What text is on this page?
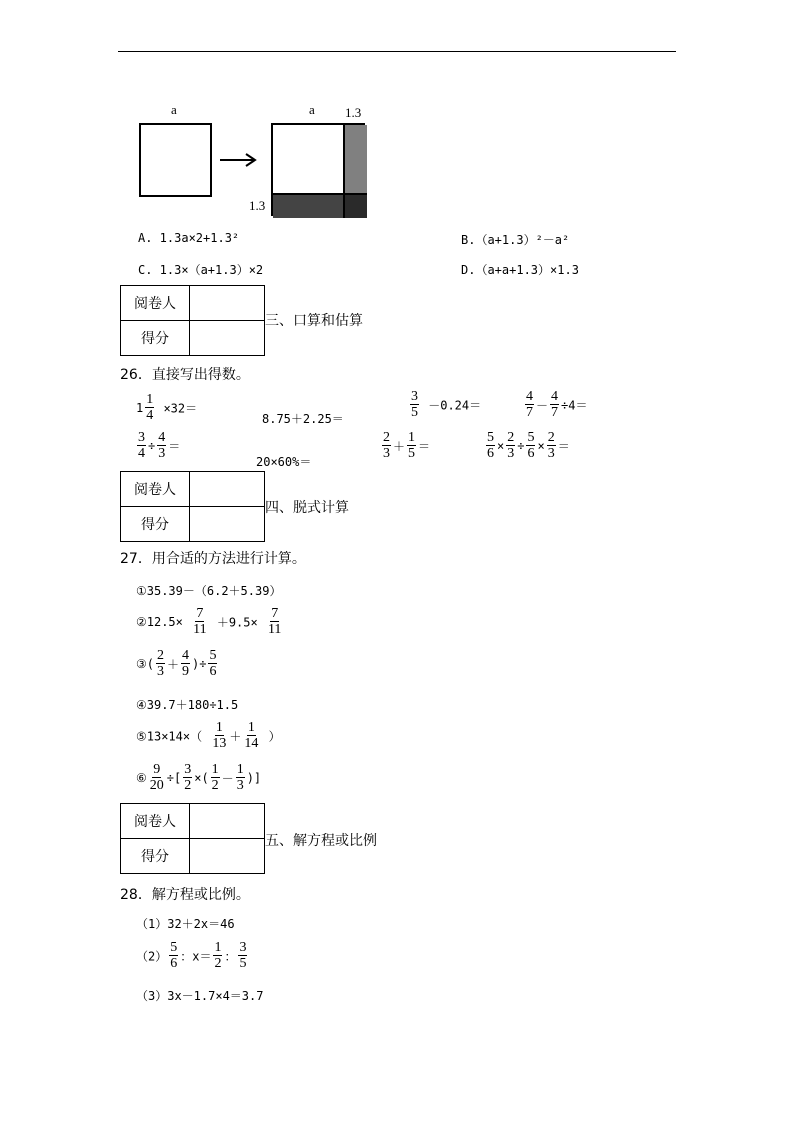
a	a 1.3
1.3
A. 1.3a×2+1.3²	B.（a+1.3）²－a²
C. 1.3×（a+1.3）×2	D.（a+a+1.3）×1.3
阅卷人	
得分	
三、口算和估算
26．直接写出得数。
$1 \frac{1}{4} \times 32=$
8.75＋2.25＝	$\frac{3}{5} -0.24=$	$\frac{4}{7} - \frac{4}{7} \div 4=$
$\frac{3}{4} \div \frac{4}{3}$ ＝
20×60%＝
$\frac{2}{3} + \frac{1}{5}$ ＝	$\frac{5}{6} \times \frac{2}{3} \div \frac{5}{6} \times \frac{2}{3}$ ＝
阅卷人	
得分	
四、脱式计算
27．用合适的方法进行计算。
①35.39－（6.2＋5.39）
②12.5× $\frac{7}{11} +9.5\times \frac{7}{11}$
③( $\frac{2}{3} + \frac{4}{9}$ )÷ $\frac{5}{6}$
④39.7＋180÷1.5
⑤13×14×（ $\frac{1}{13} + \frac{1}{14}$ ）
⑥ $\frac{9}{20}$ ÷[ $\frac{3}{2}$ ×( $\frac{1}{2} - \frac{1}{3}$ )]
阅卷人	
得分	
五、解方程或比例
28．解方程或比例。
（1）32＋2x＝46
$(2) \frac{5}{6}$ ：$x= \frac{1}{2}$ ： $\frac{3}{5}$
（3）3x－1.7×4＝3.7
